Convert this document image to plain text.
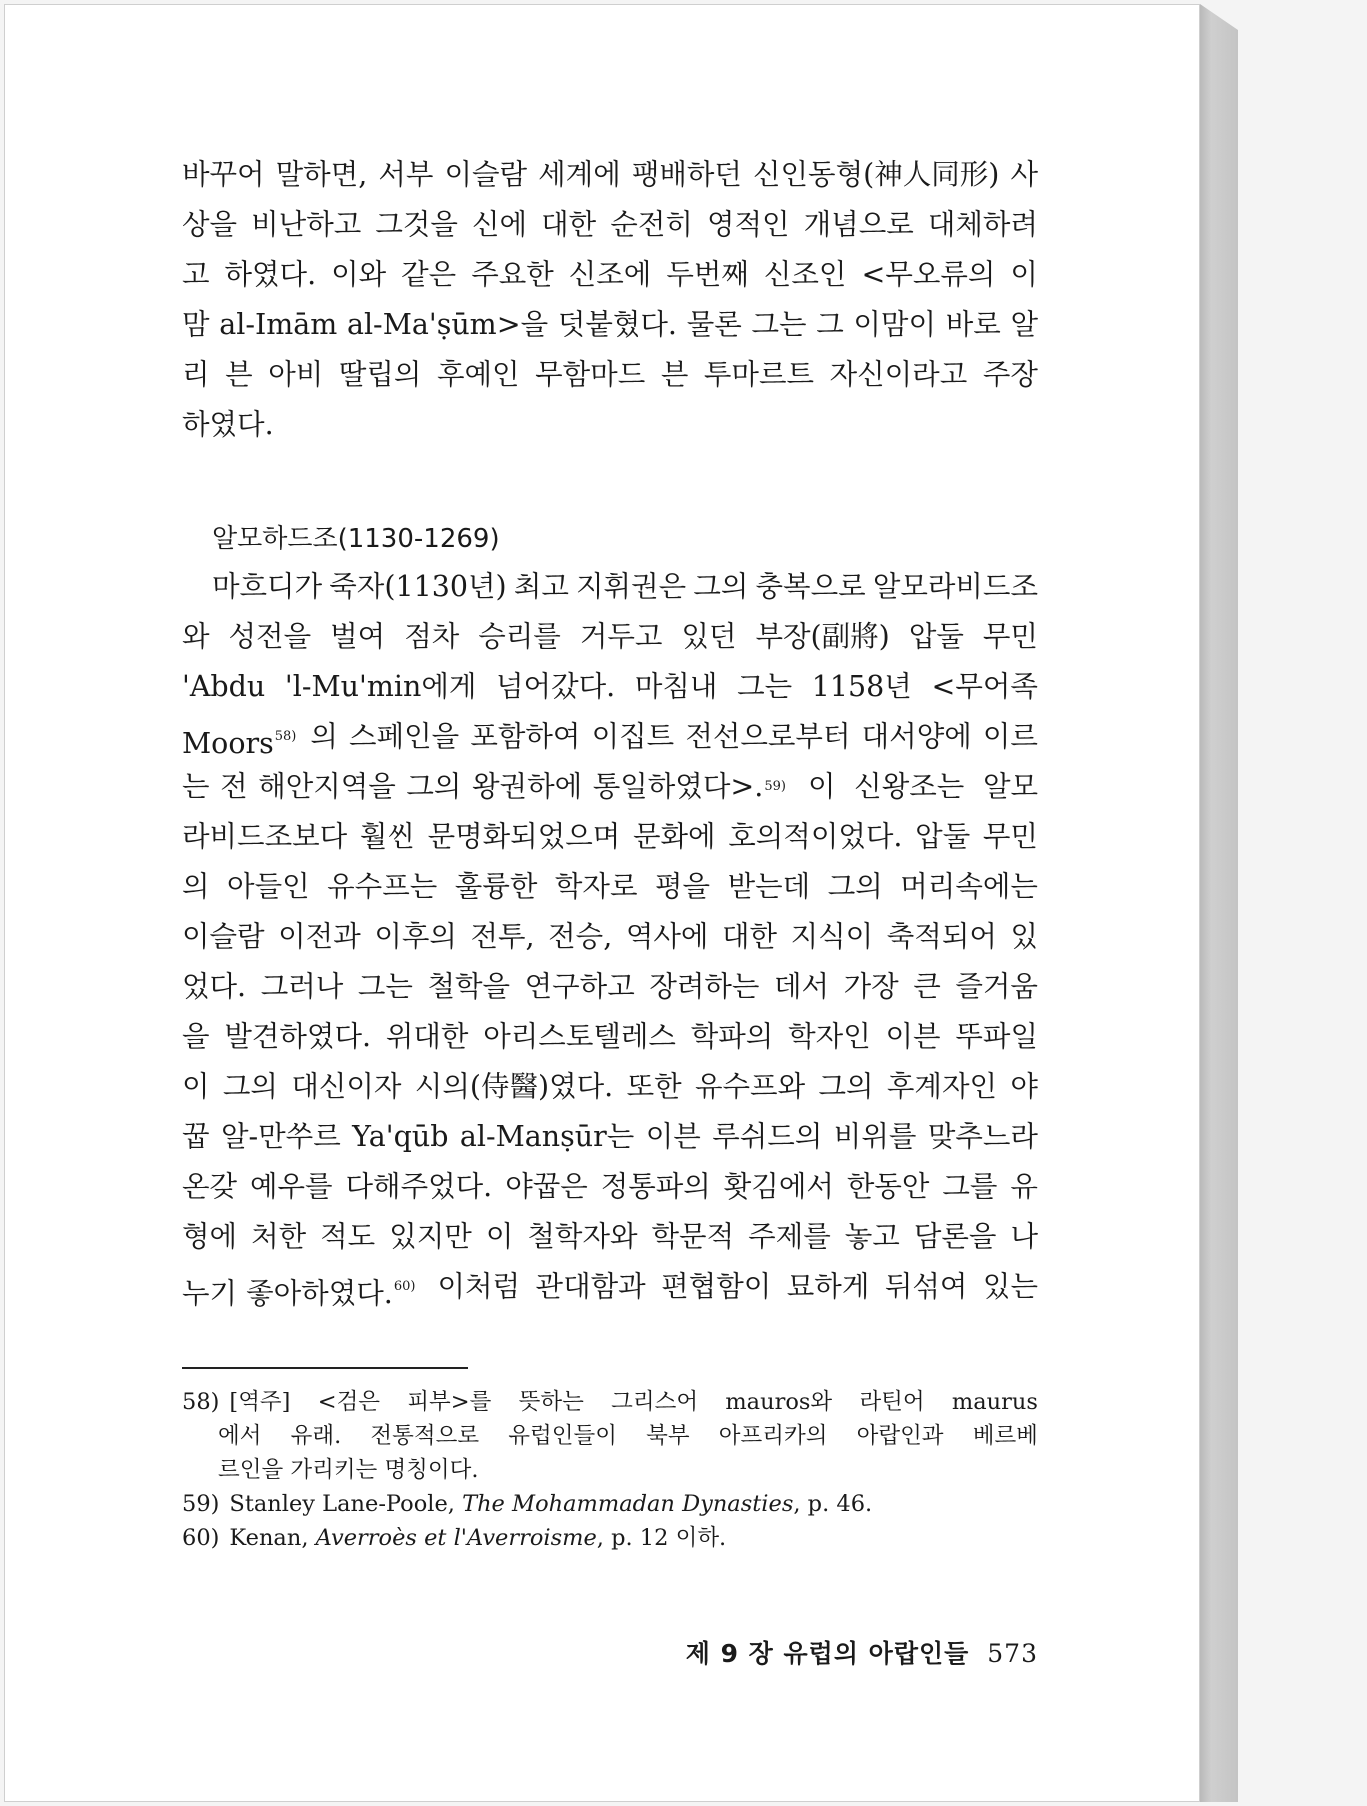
바꾸어 말하면, 서부 이슬람 세계에 팽배하던 신인동형(神人同形) 사
상을 비난하고 그것을 신에 대한 순전히 영적인 개념으로 대체하려
고 하였다. 이와 같은 주요한 신조에 두번째 신조인 <무오류의 이
맘 al-Imām al-Ma'ṣūm>을 덧붙혔다. 물론 그는 그 이맘이 바로 알
리 븐 아비 딸립의 후예인 무함마드 븐 투마르트 자신이라고 주장
하였다.
알모하드조(1130-1269)
마흐디가 죽자(1130년) 최고 지휘권은 그의 충복으로 알모라비드조
와 성전을 벌여 점차 승리를 거두고 있던 부장(副將) 압둘 무민
'Abdu 'l-Mu'min에게 넘어갔다. 마침내 그는 1158년 <무어족
Moors$^{58)}$ 의 스페인을 포함하여 이집트 전선으로부터 대서양에 이르
는 전 해안지역을 그의 왕권하에 통일하였다>. 59) 이 신왕조는 알모
라비드조보다 훨씬 문명화되었으며 문화에 호의적이었다. 압둘 무민
의 아들인 유수프는 훌륭한 학자로 평을 받는데 그의 머리속에는
이슬람 이전과 이후의 전투, 전승, 역사에 대한 지식이 축적되어 있
었다. 그러나 그는 철학을 연구하고 장려하는 데서 가장 큰 즐거움
을 발견하였다. 위대한 아리스토텔레스 학파의 학자인 이븐 뚜파일
이 그의 대신이자 시의(侍醫)였다. 또한 유수프와 그의 후계자인 야
꿉 알-만쑤르 Ya'qūb al-Manṣūr는 이븐 루쉬드의 비위를 맞추느라
온갖 예우를 다해주었다. 야꿉은 정통파의 홧김에서 한동안 그를 유
형에 처한 적도 있지만 이 철학자와 학문적 주제를 놓고 담론을 나
누기 좋아하였다.$^{60)}$ 이처럼 관대함과 편협함이 묘하게 뒤섞여 있는
58) [역주] <검은 피부>를 뜻하는 그리스어 mauros와 라틴어 maurus
에서 유래. 전통적으로 유럽인들이 북부 아프리카의 아랍인과 베르베
르인을 가리키는 명칭이다.
59) Stanley Lane-Poole,
The Mohammadan Dynasties , p. 46.
60) Kenan,
Averroès et l'Averroisme , p. 12 이하.
제 9 장 유럽의 아랍인들 573
